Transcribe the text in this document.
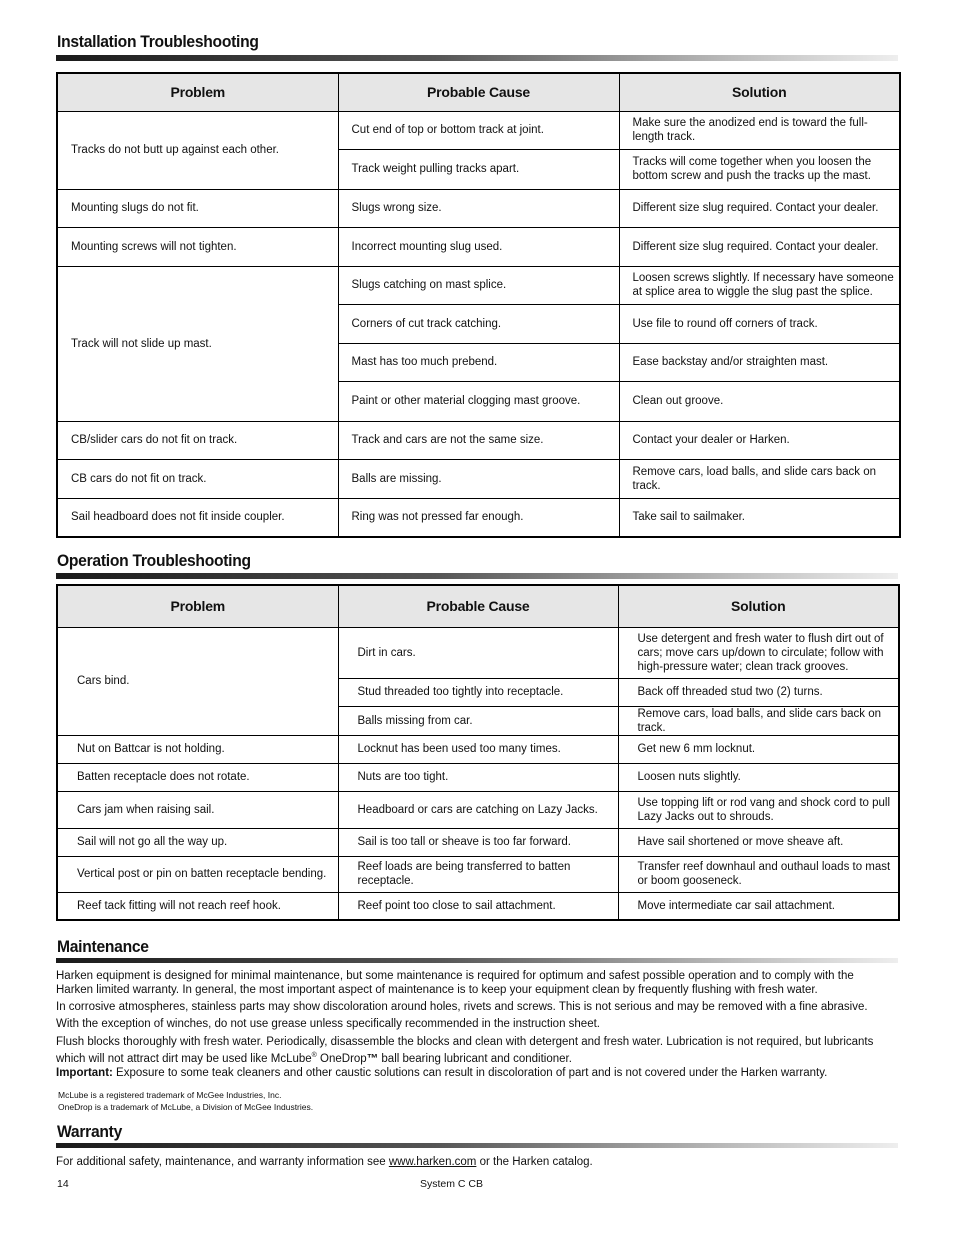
Installation Troubleshooting
Problem	Probable Cause	Solution
Tracks do not butt up against each other.	Cut end of top or bottom track at joint.	Make sure the anodized end is toward the full-length track.
	Track weight pulling tracks apart.	Tracks will come together when you loosen the bottom screw and push the tracks up the mast.
Mounting slugs do not fit.	Slugs wrong size.	Different size slug required. Contact your dealer.
Mounting screws will not tighten.	Incorrect mounting slug used.	Different size slug required. Contact your dealer.
Track will not slide up mast.	Slugs catching on mast splice.	Loosen screws slightly. If necessary have someone at splice area to wiggle the slug past the splice.
	Corners of cut track catching.	Use file to round off corners of track.
	Mast has too much prebend.	Ease backstay and/or straighten mast.
	Paint or other material clogging mast groove.	Clean out groove.
CB/slider cars do not fit on track.	Track and cars are not the same size.	Contact your dealer or Harken.
CB cars do not fit on track.	Balls are missing.	Remove cars, load balls, and slide cars back on track.
Sail headboard does not fit inside coupler.	Ring was not pressed far enough.	Take sail to sailmaker.
Operation Troubleshooting
Problem	Probable Cause	Solution
Cars bind.	Dirt in cars.	Use detergent and fresh water to flush dirt out of cars; move cars up/down to circulate; follow with high-pressure water; clean track grooves.
	Stud threaded too tightly into receptacle.	Back off threaded stud two (2) turns.
	Balls missing from car.	Remove cars, load balls, and slide cars back on track.
Nut on Battcar is not holding.	Locknut has been used too many times.	Get new 6 mm locknut.
Batten receptacle does not rotate.	Nuts are too tight.	Loosen nuts slightly.
Cars jam when raising sail.	Headboard or cars are catching on Lazy Jacks.	Use topping lift or rod vang and shock cord to pull Lazy Jacks out to shrouds.
Sail will not go all the way up.	Sail is too tall or sheave is too far forward.	Have sail shortened or move sheave aft.
Vertical post or pin on batten receptacle bending.	Reef loads are being transferred to batten receptacle.	Transfer reef downhaul and outhaul loads to mast or boom gooseneck.
Reef tack fitting will not reach reef hook.	Reef point too close to sail attachment.	Move intermediate car sail attachment.
Maintenance
Harken equipment is designed for minimal maintenance, but some maintenance is required for optimum and safest possible operation and to comply with the Harken limited warranty. In general, the most important aspect of maintenance is to keep your equipment clean by frequently flushing with fresh water.
In corrosive atmospheres, stainless parts may show discoloration around holes, rivets and screws. This is not serious and may be removed with a fine abrasive.
With the exception of winches, do not use grease unless specifically recommended in the instruction sheet.
Flush blocks thoroughly with fresh water. Periodically, disassemble the blocks and clean with detergent and fresh water. Lubrication is not required, but lubricants which will not attract dirt may be used like McLube® OneDrop™ ball bearing lubricant and conditioner.
Important: Exposure to some teak cleaners and other caustic solutions can result in discoloration of part and is not covered under the Harken warranty.
McLube is a registered trademark of McGee Industries, Inc.
OneDrop is a trademark of McLube, a Division of McGee Industries.
Warranty
For additional safety, maintenance, and warranty information see www.harken.com or the Harken catalog.
14	System C CB
